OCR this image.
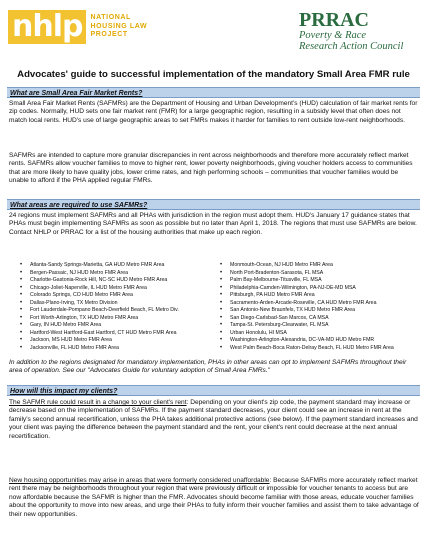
nhlp	NATIONAL
HOUSING LAW
PROJECT
PRRAC
Poverty & Race
Research Action Council
Advocates' guide to successful implementation of the mandatory Small Area FMR rule
What are Small Area Fair Market Rents?
Small Area Fair Market Rents (SAFMRs) are the Department of Housing and Urban Development's (HUD) calculation of fair market rents for zip codes. Normally, HUD sets one fair market rent (FMR) for a large geographic region, resulting in a subsidy level that often does not match local rents. HUD's use of large geographic areas to set FMRs makes it harder for families to rent outside low-rent neighborhoods.
SAFMRs are intended to capture more granular discrepancies in rent across neighborhoods and therefore more accurately reflect market rents. SAFMRs allow voucher families to move to higher rent, lower poverty neighborhoods, giving voucher holders access to communities that are more likely to have quality jobs, lower crime rates, and high performing schools – communities that voucher families would be unable to afford if the PHA applied regular FMRs.
What areas are required to use SAFMRs?
24 regions must implement SAFMRs and all PHAs with jurisdiction in the region must adopt them. HUD's January 17 guidance states that PHAs must begin implementing SAFMRs as soon as possible but no later than April 1, 2018. The regions that must use SAFMRs are below. Contact NHLP or PRRAC for a list of the housing authorities that make up each region.
• Atlanta-Sandy Springs-Marietta, GA HUD Metro FMR Area
• Bergen-Passaic, NJ HUD Metro FMR Area
• Charlotte-Gastonia-Rock Hill, NC-SC HUD Metro FMR Area
• Chicago-Joliet-Naperville, IL HUD Metro FMR Area
• Colorado Springs, CO HUD Metro FMR Area
• Dallas-Plano-Irving, TX Metro Division
• Fort Lauderdale-Pompano Beach-Deerfield Beach, FL Metro Div.
• Fort Worth-Arlington, TX HUD Metro FMR Area
• Gary, IN HUD Metro FMR Area
• Hartford-West Hartford-East Hartford, CT HUD Metro FMR Area
• Jackson, MS HUD Metro FMR Area
• Jacksonville, FL HUD Metro FMR Area
• Monmouth-Ocean, NJ HUD Metro FMR Area
• North Port-Bradenton-Sarasota, FL MSA
• Palm Bay-Melbourne-Titusville, FL MSA
• Philadelphia-Camden-Wilmington, PA-NJ-DE-MD MSA
• Pittsburgh, PA HUD Metro FMR Area
• Sacramento-Arden-Arcade-Roseville, CA HUD Metro FMR Area
• San Antonio-New Braunfels, TX HUD Metro FMR Area
• San Diego-Carlsbad-San Marcos, CA MSA
• Tampa-St. Petersburg-Clearwater, FL MSA
• Urban Honolulu, HI MSA
• Washington-Arlington-Alexandria, DC-VA-MD HUD Metro FMR
• West Palm Beach-Boca Raton-Delray Beach, FL HUD Metro FMR Area
In addition to the regions designated for mandatory implementation, PHAs in other areas can opt to implement SAFMRs throughout their area of operation. See our "Advocates Guide for voluntary adoption of Small Area FMRs."
How will this impact my clients?
The SAFMR rule could result in a change to your client's rent: Depending on your client's zip code, the payment standard may increase or decrease based on the implementation of SAFMRs. If the payment standard decreases, your client could see an increase in rent at the family's second annual recertification, unless the PHA takes additional protective actions (see below). If the payment standard increases and your client was paying the difference between the payment standard and the rent, your client's rent could decrease at the next annual recertification.
New housing opportunities may arise in areas that were formerly considered unaffordable: Because SAFMRs more accurately reflect market rent there may be neighborhoods throughout your region that were previously difficult or impossible for voucher tenants to access but are now affordable because the SAFMR is higher than the FMR. Advocates should become familiar with those areas, educate voucher families about the opportunity to move into new areas, and urge their PHAs to fully inform their voucher families and assist them to take advantage of their new opportunities.
